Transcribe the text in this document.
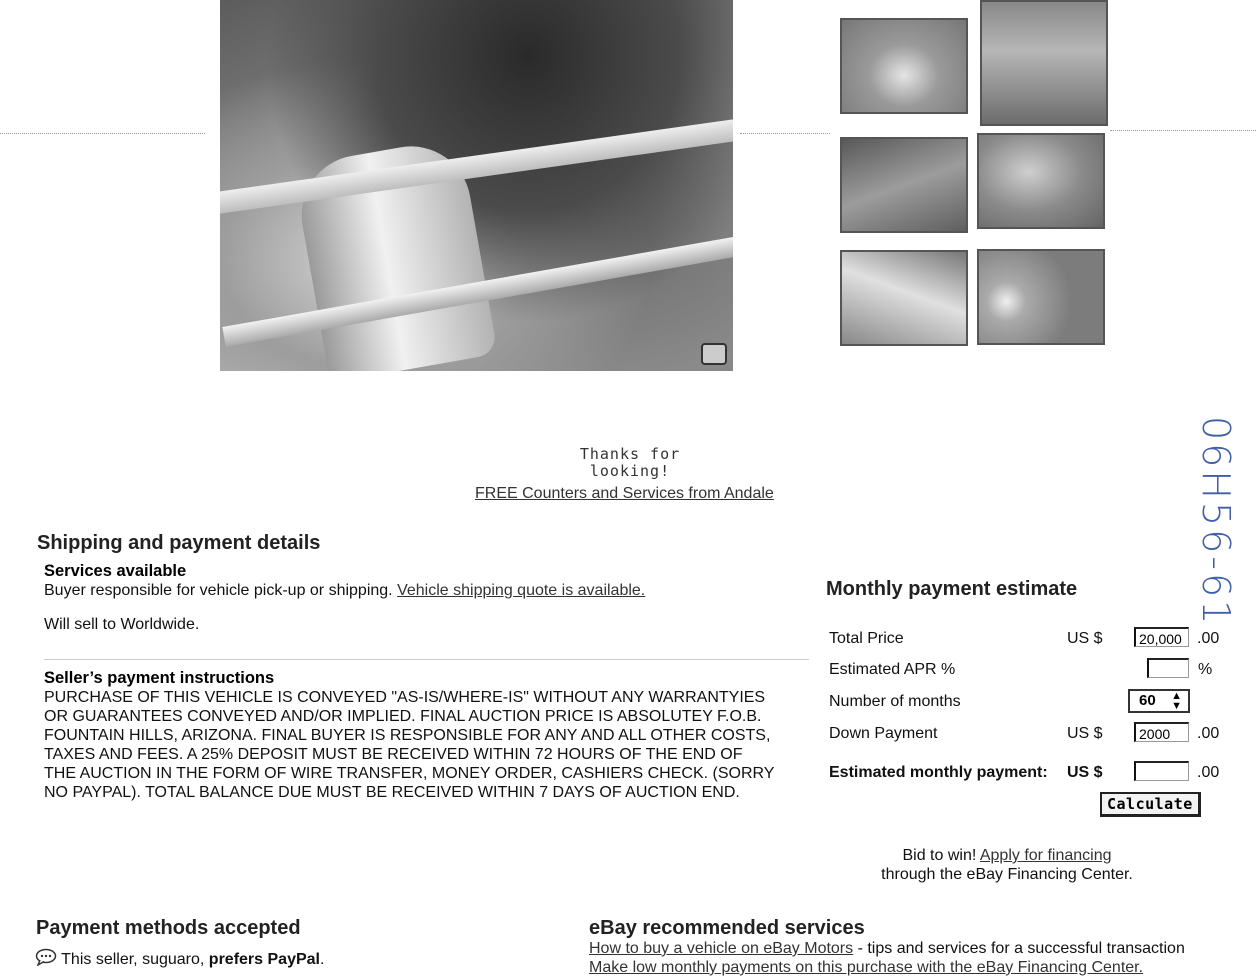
Thanks for
looking!
FREE Counters and Services from Andale
Shipping and payment details
Services available
Buyer responsible for vehicle pick-up or shipping. Vehicle shipping quote is available.
Will sell to Worldwide.
Seller’s payment instructions
PURCHASE OF THIS VEHICLE IS CONVEYED "AS-IS/WHERE-IS" WITHOUT ANY WARRANTYIES
OR GUARANTEES CONVEYED AND/OR IMPLIED. FINAL AUCTION PRICE IS ABSOLUTEY F.O.B.
FOUNTAIN HILLS, ARIZONA. FINAL BUYER IS RESPONSIBLE FOR ANY AND ALL OTHER COSTS,
TAXES AND FEES. A 25% DEPOSIT MUST BE RECEIVED WITHIN 72 HOURS OF THE END OF
THE AUCTION IN THE FORM OF WIRE TRANSFER, MONEY ORDER, CASHIERS CHECK. (SORRY
NO PAYPAL). TOTAL BALANCE DUE MUST BE RECEIVED WITHIN 7 DAYS OF AUCTION END.
Monthly payment estimate
Total Price	US $	20,000 .00
Estimated APR %	%
Number of months	60 ▲
▼
Down Payment	US $	2000	.00
Estimated monthly payment: US $	.00
Calculate
Bid to win! Apply for financing
through the eBay Financing Center.
Payment methods accepted
This seller, suguaro, prefers PayPal.
eBay recommended services
How to buy a vehicle on eBay Motors - tips and services for a successful transaction
Make low monthly payments on this purchase with the eBay Financing Center.
06H56-61
